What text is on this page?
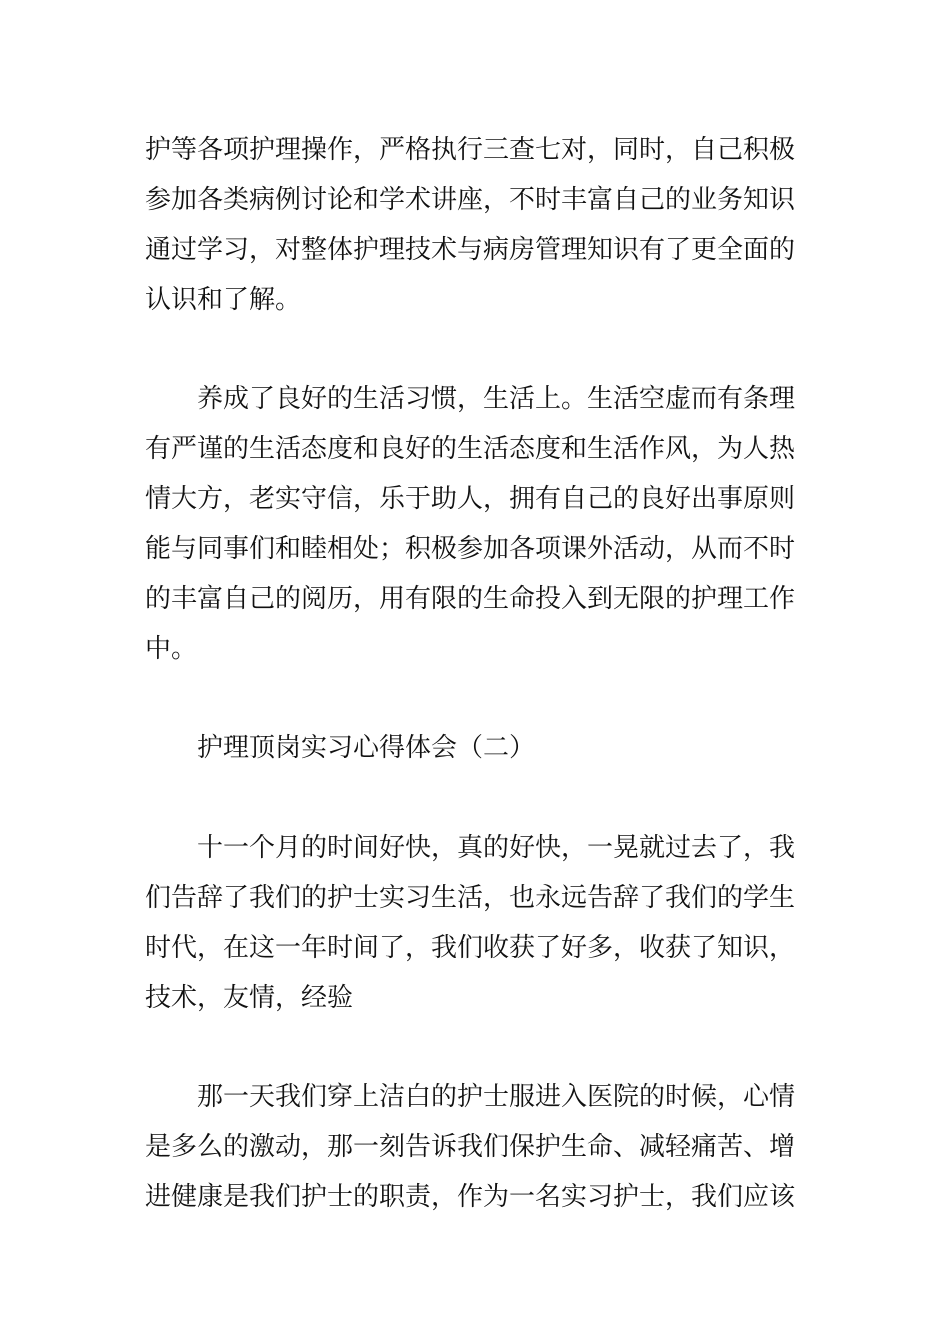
护等各项护理操作，严格执行三查七对，同时，自己积极

参加各类病例讨论和学术讲座，不时丰富自己的业务知识

通过学习，对整体护理技术与病房管理知识有了更全面的

认识和了解。

养成了良好的生活习惯，生活上。生活空虚而有条理

有严谨的生活态度和良好的生活态度和生活作风，为人热

情大方，老实守信，乐于助人，拥有自己的良好出事原则

能与同事们和睦相处；积极参加各项课外活动，从而不时

的丰富自己的阅历，用有限的生命投入到无限的护理工作

中。

护理顶岗实习心得体会（二）

十一个月的时间好快，真的好快，一晃就过去了，我

们告辞了我们的护士实习生活，也永远告辞了我们的学生

时代，在这一年时间了，我们收获了好多，收获了知识，

技术，友情，经验

那一天我们穿上洁白的护士服进入医院的时候，心情

是多么的激动，那一刻告诉我们保护生命、减轻痛苦、增

进健康是我们护士的职责，作为一名实习护士，我们应该
